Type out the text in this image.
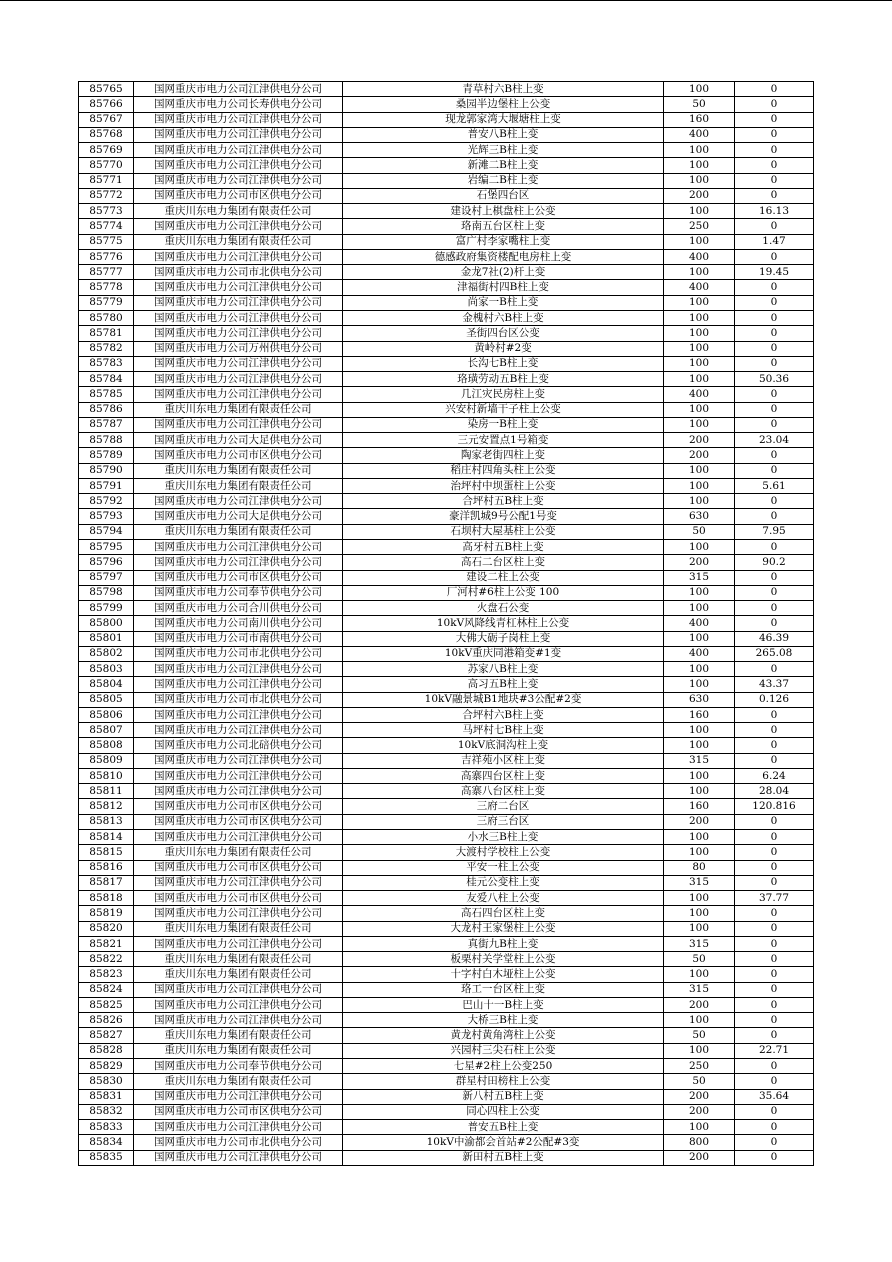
85765	国网重庆市电力公司江津供电分公司	青草村六B柱上变	100	0
85766	国网重庆市电力公司长寿供电分公司	桑园半边堡柱上公变	50	0
85767	国网重庆市电力公司江津供电分公司	现龙郭家湾大堰塘柱上变	160	0
85768	国网重庆市电力公司江津供电分公司	普安八B柱上变	400	0
85769	国网重庆市电力公司江津供电分公司	光辉三B柱上变	100	0
85770	国网重庆市电力公司江津供电分公司	新滩二B柱上变	100	0
85771	国网重庆市电力公司江津供电分公司	岩编二B柱上变	100	0
85772	国网重庆市电力公司市区供电分公司	石堡四台区	200	0
85773	重庆川东电力集团有限责任公司	建设村上棋盘柱上公变	100	16.13
85774	国网重庆市电力公司江津供电分公司	珞南五台区柱上变	250	0
85775	重庆川东电力集团有限责任公司	富广村李家嘴柱上变	100	1.47
85776	国网重庆市电力公司江津供电分公司	德感政府集资楼配电房柱上变	400	0
85777	国网重庆市电力公司市北供电分公司	金龙7社(2)杆上变	100	19.45
85778	国网重庆市电力公司江津供电分公司	津福街村四B柱上变	400	0
85779	国网重庆市电力公司江津供电分公司	尚家一B柱上变	100	0
85780	国网重庆市电力公司江津供电分公司	金槐村六B柱上变	100	0
85781	国网重庆市电力公司江津供电分公司	圣街四台区公变	100	0
85782	国网重庆市电力公司万州供电分公司	黄岭村#2变	100	0
85783	国网重庆市电力公司江津供电分公司	长沟七B柱上变	100	0
85784	国网重庆市电力公司江津供电分公司	珞璜劳动五B柱上变	100	50.36
85785	国网重庆市电力公司江津供电分公司	几江灾民房柱上变	400	0
85786	重庆川东电力集团有限责任公司	兴安村新墙干子柱上公变	100	0
85787	国网重庆市电力公司江津供电分公司	染房一B柱上变	100	0
85788	国网重庆市电力公司大足供电分公司	三元安置点1号箱变	200	23.04
85789	国网重庆市电力公司市区供电分公司	陶家老街四柱上变	200	0
85790	重庆川东电力集团有限责任公司	稻庄村四角头柱上公变	100	0
85791	重庆川东电力集团有限责任公司	治坪村中坝蛋柱上公变	100	5.61
85792	国网重庆市电力公司江津供电分公司	合坪村五B柱上变	100	0
85793	国网重庆市电力公司大足供电分公司	豪洋凯城9号公配1号变	630	0
85794	重庆川东电力集团有限责任公司	石坝村大屋基柱上公变	50	7.95
85795	国网重庆市电力公司江津供电分公司	高牙村五B柱上变	100	0
85796	国网重庆市电力公司江津供电分公司	高石二台区柱上变	200	90.2
85797	国网重庆市电力公司市区供电分公司	建设二柱上公变	315	0
85798	国网重庆市电力公司奉节供电分公司	厂河村#6柱上公变 100	100	0
85799	国网重庆市电力公司合川供电分公司	火盘石公变	100	0
85800	国网重庆市电力公司南川供电分公司	10kV风降线青杠林柱上公变	400	0
85801	国网重庆市电力公司市南供电分公司	大佛大砺子岗柱上变	100	46.39
85802	国网重庆市电力公司市北供电分公司	10kV重庆同港箱变#1变	400	265.08
85803	国网重庆市电力公司江津供电分公司	苏家八B柱上变	100	0
85804	国网重庆市电力公司江津供电分公司	高习五B柱上变	100	43.37
85805	国网重庆市电力公司市北供电分公司	10kV融景城B1地块#3公配#2变	630	0.126
85806	国网重庆市电力公司江津供电分公司	合坪村六B柱上变	160	0
85807	国网重庆市电力公司江津供电分公司	马坪村七B柱上变	100	0
85808	国网重庆市电力公司北碚供电分公司	10kV底洞沟柱上变	100	0
85809	国网重庆市电力公司江津供电分公司	吉祥苑小区柱上变	315	0
85810	国网重庆市电力公司江津供电分公司	高寨四台区柱上变	100	6.24
85811	国网重庆市电力公司江津供电分公司	高寨八台区柱上变	100	28.04
85812	国网重庆市电力公司市区供电分公司	三府二台区	160	120.816
85813	国网重庆市电力公司市区供电分公司	三府三台区	200	0
85814	国网重庆市电力公司江津供电分公司	小水三B柱上变	100	0
85815	重庆川东电力集团有限责任公司	大渡村学校柱上公变	100	0
85816	国网重庆市电力公司市区供电分公司	平安一柱上公变	80	0
85817	国网重庆市电力公司江津供电分公司	桂元公变柱上变	315	0
85818	国网重庆市电力公司市区供电分公司	友爱八柱上公变	100	37.77
85819	国网重庆市电力公司江津供电分公司	高石四台区柱上变	100	0
85820	重庆川东电力集团有限责任公司	大龙村王家堡柱上公变	100	0
85821	国网重庆市电力公司江津供电分公司	真街九B柱上变	315	0
85822	重庆川东电力集团有限责任公司	板栗村关学堂柱上公变	50	0
85823	重庆川东电力集团有限责任公司	十字村白木垭柱上公变	100	0
85824	国网重庆市电力公司江津供电分公司	珞工一台区柱上变	315	0
85825	国网重庆市电力公司江津供电分公司	巴山十一B柱上变	200	0
85826	国网重庆市电力公司江津供电分公司	大桥三B柱上变	100	0
85827	重庆川东电力集团有限责任公司	黄龙村黄角湾柱上公变	50	0
85828	重庆川东电力集团有限责任公司	兴园村三尖石柱上公变	100	22.71
85829	国网重庆市电力公司奉节供电分公司	七星#2柱上公变250	250	0
85830	重庆川东电力集团有限责任公司	群星村田榜柱上公变	50	0
85831	国网重庆市电力公司江津供电分公司	新八村五B柱上变	200	35.64
85832	国网重庆市电力公司市区供电分公司	同心四柱上公变	200	0
85833	国网重庆市电力公司江津供电分公司	普安五B柱上变	100	0
85834	国网重庆市电力公司市北供电分公司	10kV中渝都会首站#2公配#3变	800	0
85835	国网重庆市电力公司江津供电分公司	新田村五B柱上变	200	0
